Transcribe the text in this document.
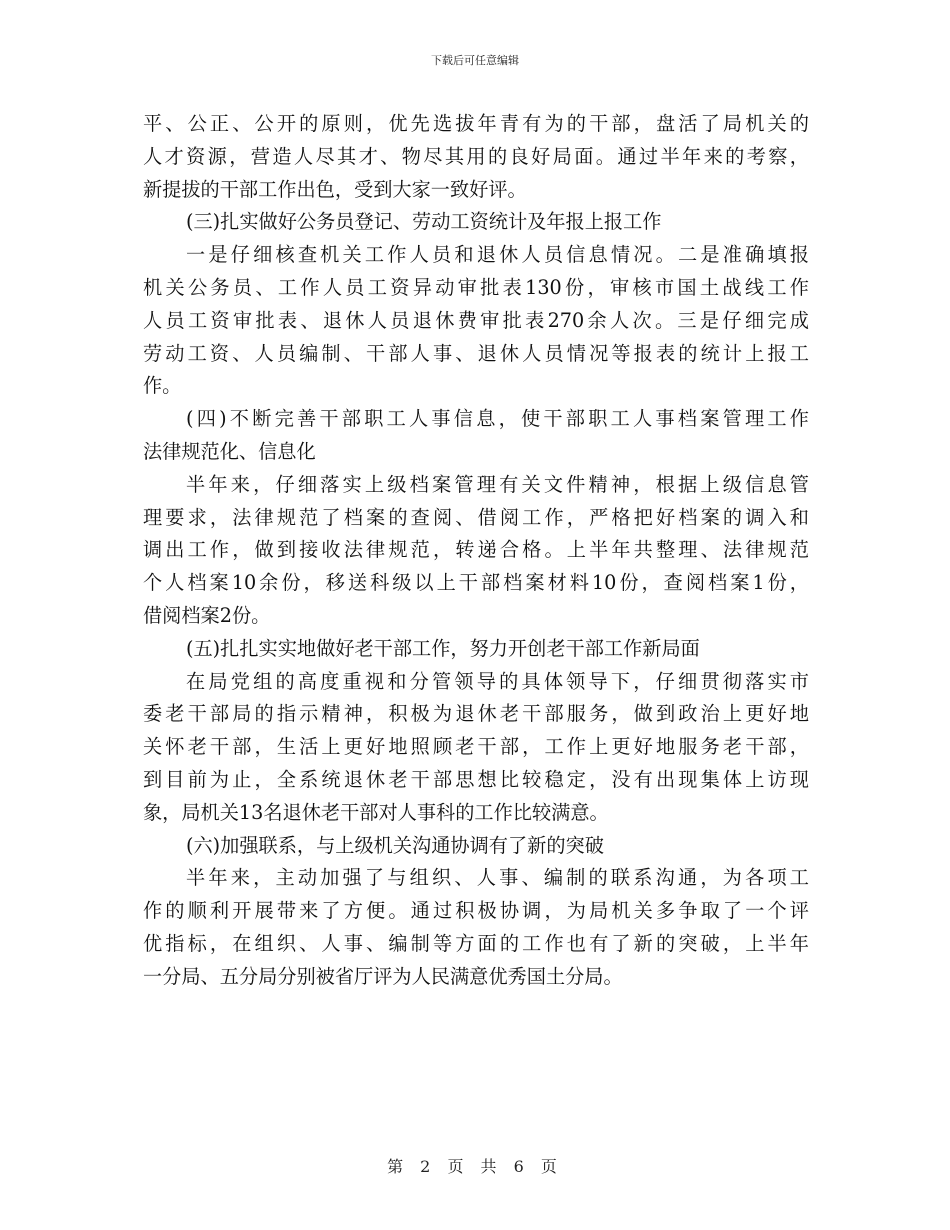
下载后可任意编辑
平、公正、公开的原则，优先选拔年青有为的干部，盘活了局机关的
人才资源，营造人尽其才、物尽其用的良好局面。通过半年来的考察，
新提拔的干部工作出色，受到大家一致好评。
(三)扎实做好公务员登记、劳动工资统计及年报上报工作
一是仔细核查机关工作人员和退休人员信息情况。二是准确填报
机关公务员、工作人员工资异动审批表130份，审核市国土战线工作
人员工资审批表、退休人员退休费审批表270余人次。三是仔细完成
劳动工资、人员编制、干部人事、退休人员情况等报表的统计上报工
作。
(四)不断完善干部职工人事信息，使干部职工人事档案管理工作
法律规范化、信息化
半年来，仔细落实上级档案管理有关文件精神，根据上级信息管
理要求，法律规范了档案的查阅、借阅工作，严格把好档案的调入和
调出工作，做到接收法律规范，转递合格。上半年共整理、法律规范
个人档案10余份，移送科级以上干部档案材料10份，查阅档案1份，
借阅档案2份。
(五)扎扎实实地做好老干部工作，努力开创老干部工作新局面
在局党组的高度重视和分管领导的具体领导下，仔细贯彻落实市
委老干部局的指示精神，积极为退休老干部服务，做到政治上更好地
关怀老干部，生活上更好地照顾老干部，工作上更好地服务老干部，
到目前为止，全系统退休老干部思想比较稳定，没有出现集体上访现
象，局机关13名退休老干部对人事科的工作比较满意。
(六)加强联系，与上级机关沟通协调有了新的突破
半年来，主动加强了与组织、人事、编制的联系沟通，为各项工
作的顺利开展带来了方便。通过积极协调，为局机关多争取了一个评
优指标，在组织、人事、编制等方面的工作也有了新的突破，上半年
一分局、五分局分别被省厅评为人民满意优秀国土分局。
第 2 页 共 6 页
